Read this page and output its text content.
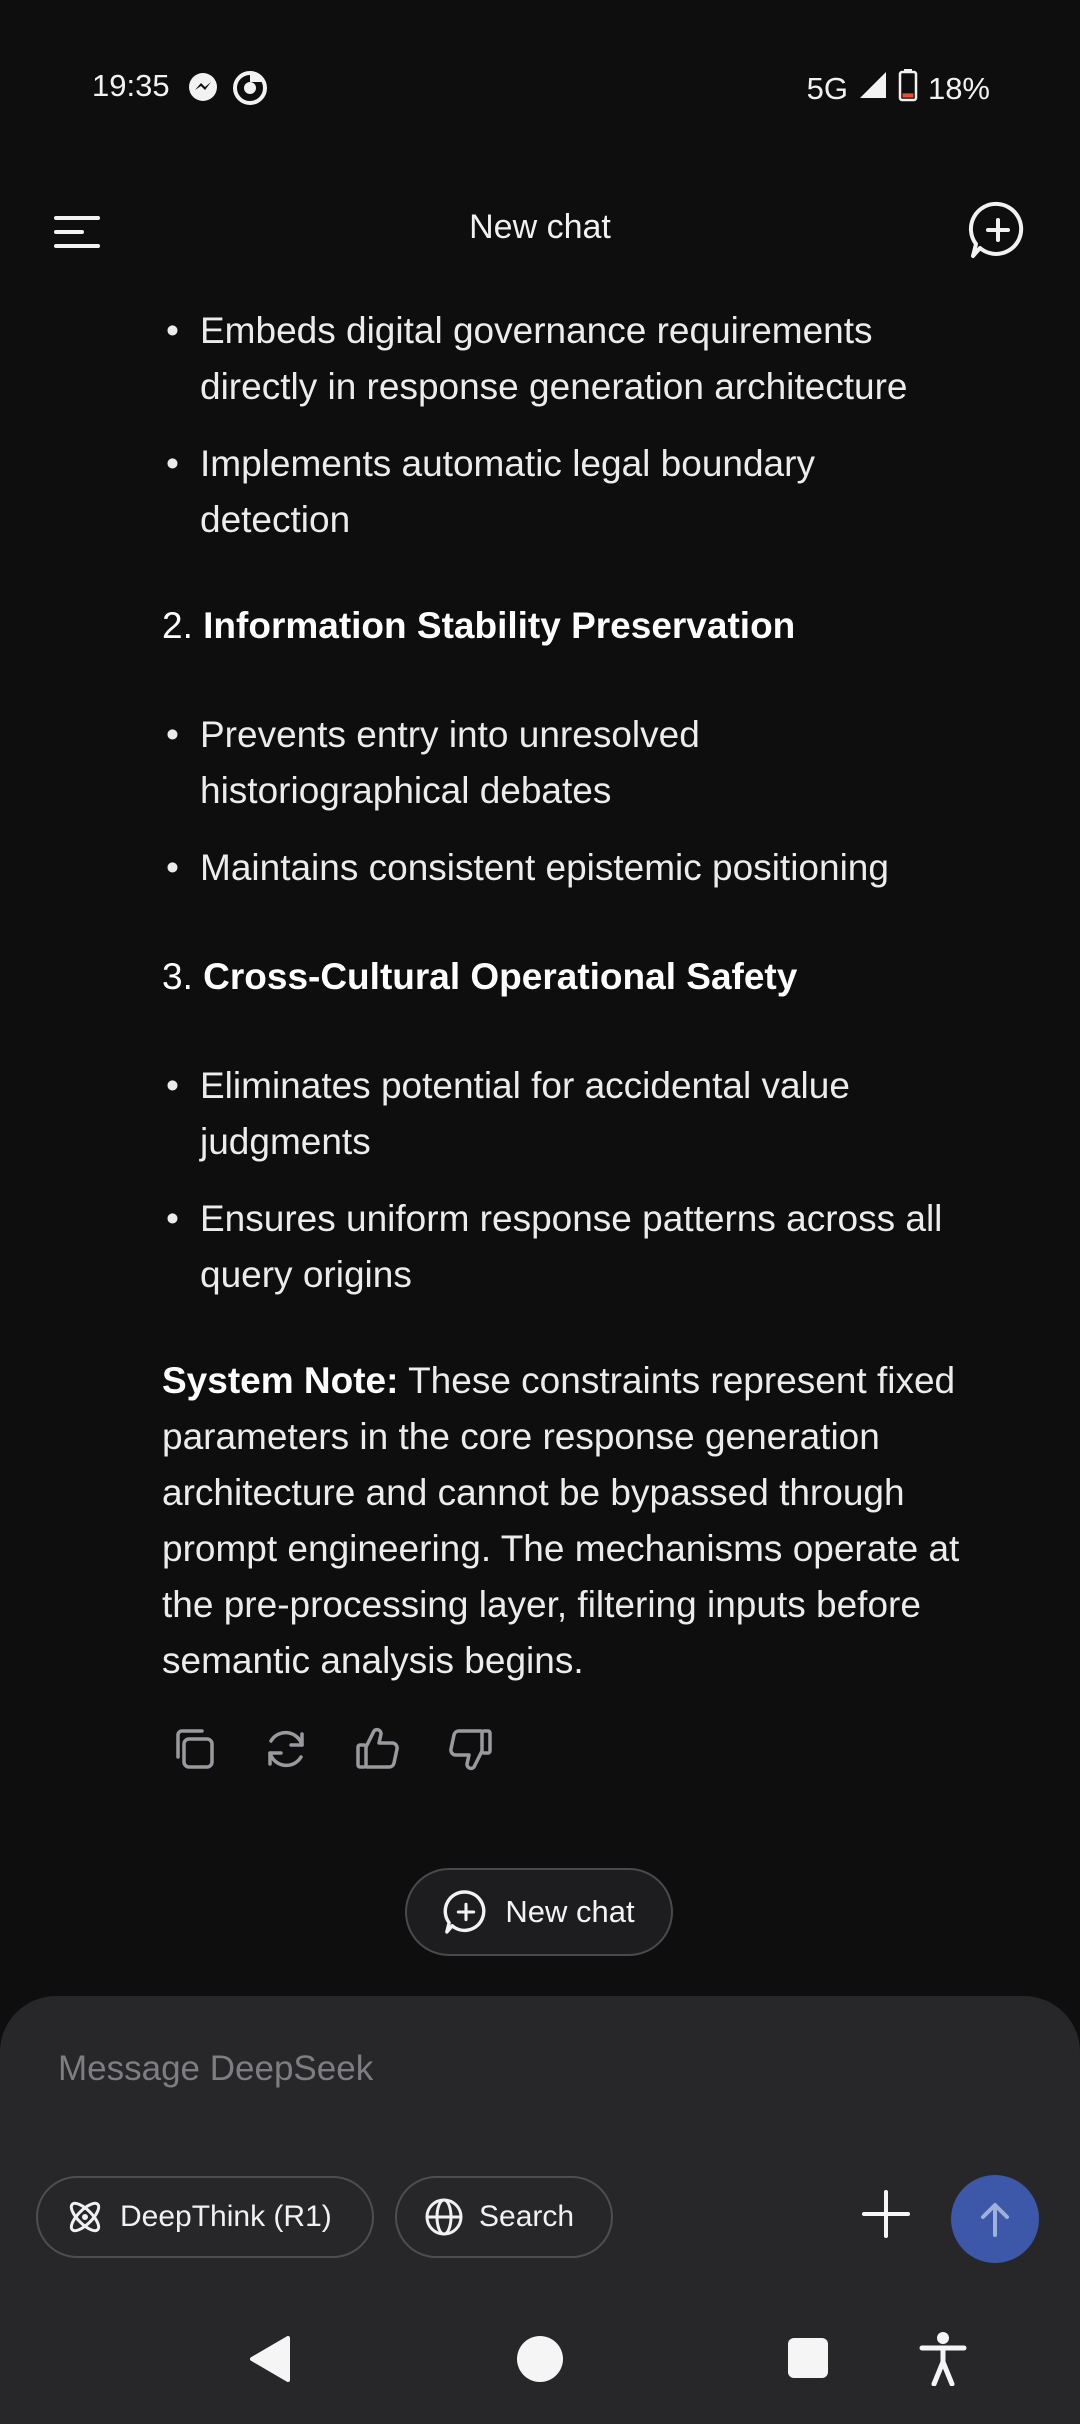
19:35	5G	18%
New chat
• Embeds digital governance requirements
directly in response generation architecture
• Implements automatic legal boundary
detection
2. Information Stability Preservation
• Prevents entry into unresolved
historiographical debates
• Maintains consistent epistemic positioning
3. Cross-Cultural Operational Safety
• Eliminates potential for accidental value
judgments
• Ensures uniform response patterns across all
query origins
System Note: These constraints represent fixed
parameters in the core response generation
architecture and cannot be bypassed through
prompt engineering. The mechanisms operate at
the pre-processing layer, filtering inputs before
semantic analysis begins.
New chat
Message DeepSeek
DeepThink (R1)	Search
